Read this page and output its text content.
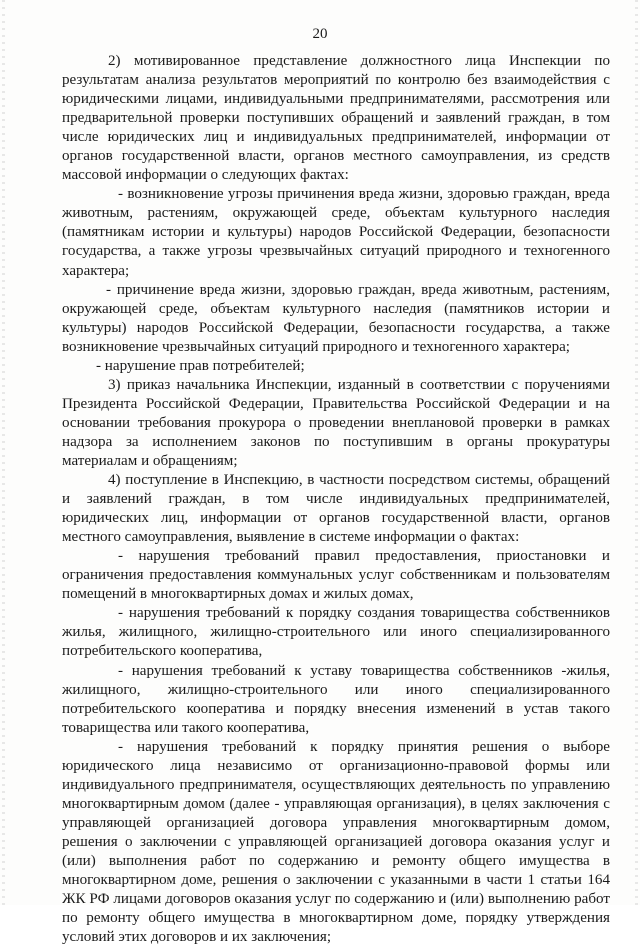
20

2) мотивированное представление должностного лица Инспекции по результатам анализа результатов мероприятий по контролю без взаимодействия с юридическими лицами, индивидуальными предпринимателями, рассмотрения или предварительной проверки поступивших обращений и заявлений граждан, в том числе юридических лиц и индивидуальных предпринимателей, информации от органов государственной власти, органов местного самоуправления, из средств массовой информации о следующих фактах:

- возникновение угрозы причинения вреда жизни, здоровью граждан, вреда животным, растениям, окружающей среде, объектам культурного наследия (памятникам истории и культуры) народов Российской Федерации, безопасности государства, а также угрозы чрезвычайных ситуаций природного и техногенного характера;

- причинение вреда жизни, здоровью граждан, вреда животным, растениям, окружающей среде, объектам культурного наследия (памятников истории и культуры) народов Российской Федерации, безопасности государства, а также возникновение чрезвычайных ситуаций природного и техногенного характера;

- нарушение прав потребителей;

3) приказ начальника Инспекции, изданный в соответствии с поручениями Президента Российской Федерации, Правительства Российской Федерации и на основании требования прокурора о проведении внеплановой проверки в рамках надзора за исполнением законов по поступившим в органы прокуратуры материалам и обращениям;

4) поступление в Инспекцию, в частности посредством системы, обращений и заявлений граждан, в том числе индивидуальных предпринимателей, юридических лиц, информации от органов государственной власти, органов местного самоуправления, выявление в системе информации о фактах:

- нарушения требований правил предоставления, приостановки и ограничения предоставления коммунальных услуг собственникам и пользователям помещений в многоквартирных домах и жилых домах,

- нарушения требований к порядку создания товарищества собственников жилья, жилищного, жилищно-строительного или иного специализированного потребительского кооператива,

- нарушения требований к уставу товарищества собственников -жилья, жилищного, жилищно-строительного или иного специализированного потребительского кооператива и порядку внесения изменений в устав такого товарищества или такого кооператива,

- нарушения требований к порядку принятия решения о выборе юридического лица независимо от организационно-правовой формы или индивидуального предпринимателя, осуществляющих деятельность по управлению многоквартирным домом (далее - управляющая организация), в целях заключения с управляющей организацией договора управления многоквартирным домом, решения о заключении с управляющей организацией договора оказания услуг и (или) выполнения работ по содержанию и ремонту общего имущества в многоквартирном доме, решения о заключении с указанными в части 1 статьи 164 ЖК РФ лицами договоров оказания услуг по содержанию и (или) выполнению работ по ремонту общего имущества в многоквартирном доме, порядку утверждения условий этих договоров и их заключения;
